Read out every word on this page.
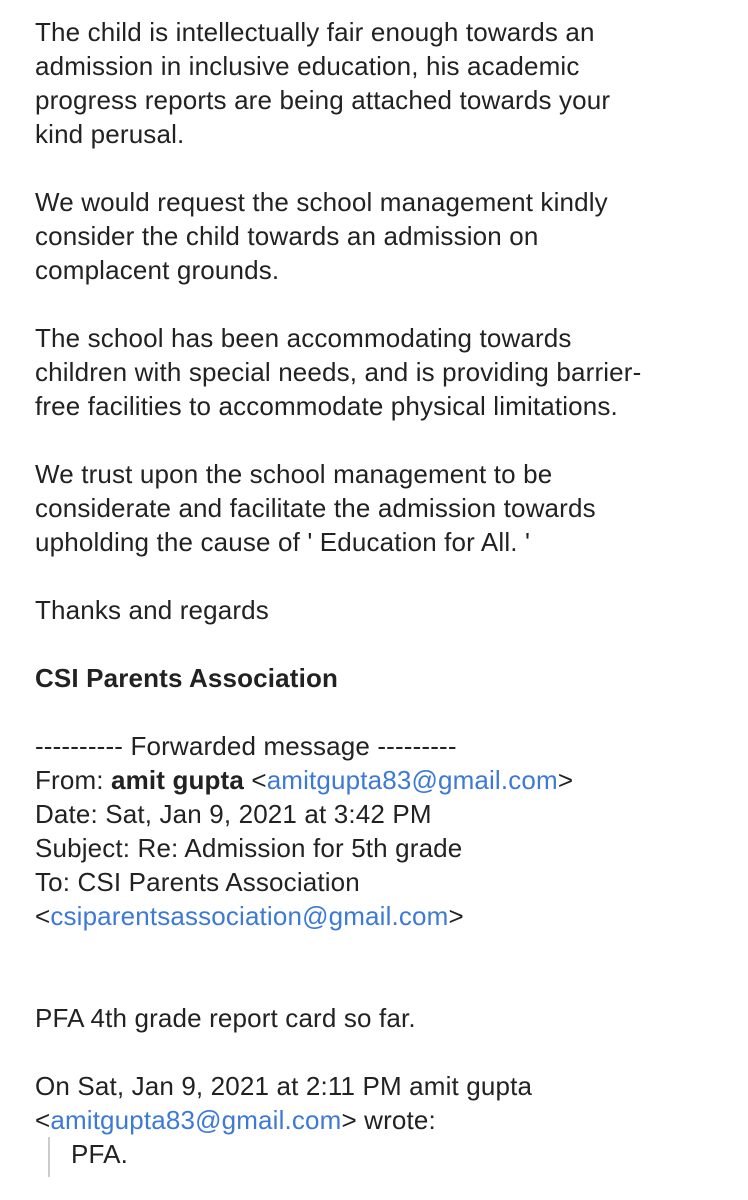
The child is intellectually fair enough towards an
admission in inclusive education, his academic
progress reports are being attached towards your
kind perusal.
We would request the school management kindly
consider the child towards an admission on
complacent grounds.
The school has been accommodating towards
children with special needs, and is providing barrier-
free facilities to accommodate physical limitations.
We trust upon the school management to be
considerate and facilitate the admission towards
upholding the cause of ' Education for All. '
Thanks and regards
CSI Parents Association
---------- Forwarded message ---------
From: amit gupta <amitgupta83@gmail.com>
Date: Sat, Jan 9, 2021 at 3:42 PM
Subject: Re: Admission for 5th grade
To: CSI Parents Association
<csiparentsassociation@gmail.com>
PFA 4th grade report card so far.
On Sat, Jan 9, 2021 at 2:11 PM amit gupta
<amitgupta83@gmail.com> wrote:
PFA.
